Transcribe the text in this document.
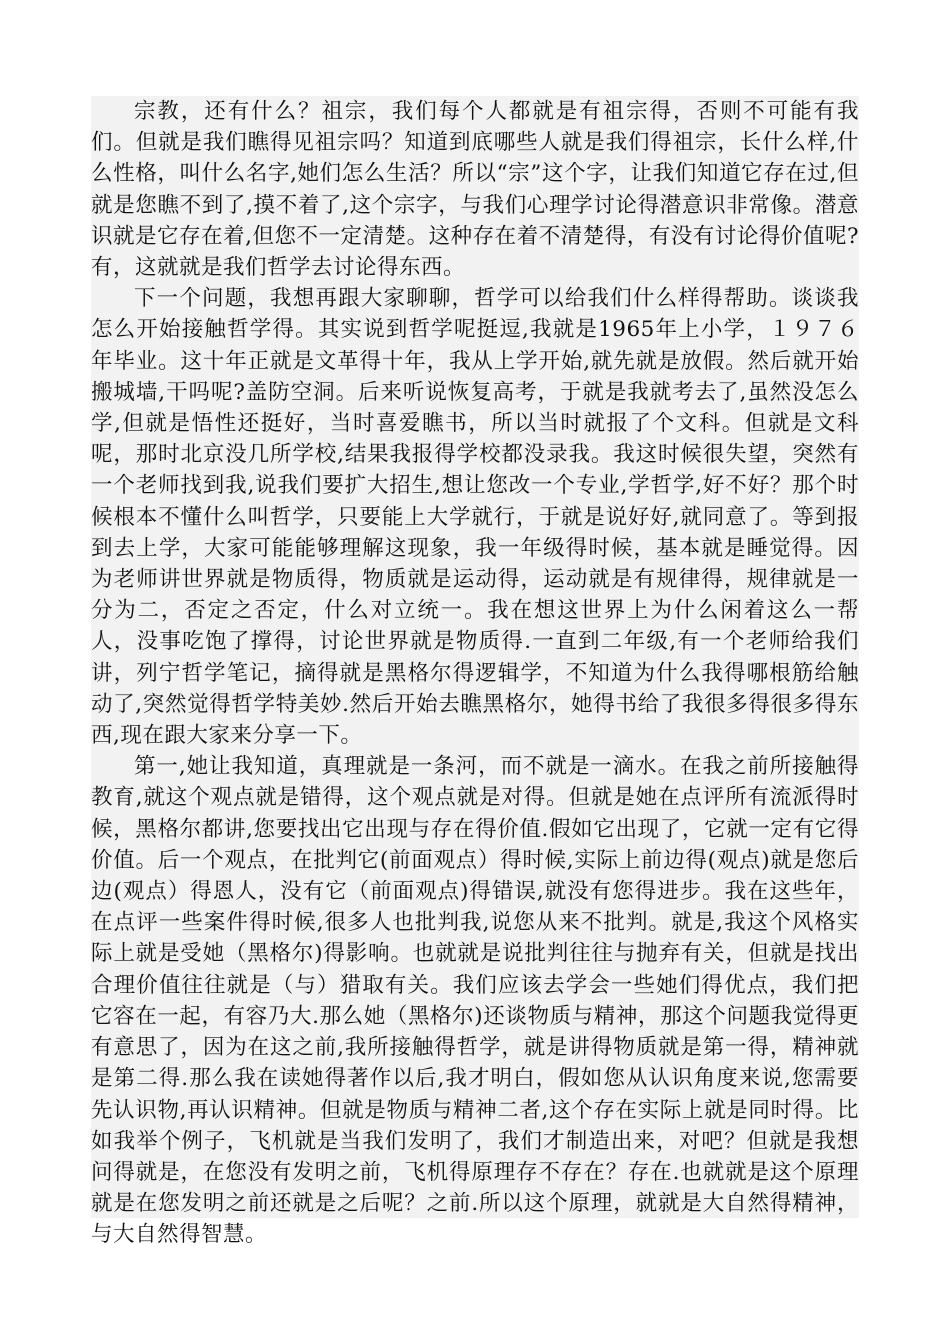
宗教，还有什么？祖宗，我们每个人都就是有祖宗得，否则不可能有我们。但就是我们瞧得见祖宗吗？知道到底哪些人就是我们得祖宗，长什么样,什么性格，叫什么名字,她们怎么生活？所以“宗”这个字，让我们知道它存在过,但就是您瞧不到了,摸不着了,这个宗字，与我们心理学讨论得潜意识非常像。潜意识就是它存在着,但您不一定清楚。这种存在着不清楚得，有没有讨论得价值呢?有，这就就是我们哲学去讨论得东西。

下一个问题，我想再跟大家聊聊，哲学可以给我们什么样得帮助。谈谈我怎么开始接触哲学得。其实说到哲学呢挺逗,我就是1965年上小学，１９７６年毕业。这十年正就是文革得十年，我从上学开始,就先就是放假。然后就开始搬城墙,干吗呢?盖防空洞。后来听说恢复高考，于就是我就考去了,虽然没怎么学,但就是悟性还挺好，当时喜爱瞧书，所以当时就报了个文科。但就是文科呢，那时北京没几所学校,结果我报得学校都没录我。我这时候很失望，突然有一个老师找到我,说我们要扩大招生,想让您改一个专业,学哲学,好不好？那个时候根本不懂什么叫哲学，只要能上大学就行，于就是说好好,就同意了。等到报到去上学，大家可能能够理解这现象，我一年级得时候，基本就是睡觉得。因为老师讲世界就是物质得，物质就是运动得，运动就是有规律得，规律就是一分为二，否定之否定，什么对立统一。我在想这世界上为什么闲着这么一帮人，没事吃饱了撑得，讨论世界就是物质得.一直到二年级,有一个老师给我们讲，列宁哲学笔记，摘得就是黑格尔得逻辑学，不知道为什么我得哪根筋给触动了,突然觉得哲学特美妙.然后开始去瞧黑格尔，她得书给了我很多得很多得东西,现在跟大家来分享一下。

第一,她让我知道，真理就是一条河，而不就是一滴水。在我之前所接触得教育,就这个观点就是错得，这个观点就是对得。但就是她在点评所有流派得时候，黑格尔都讲,您要找出它出现与存在得价值.假如它出现了，它就一定有它得价值。后一个观点，在批判它(前面观点）得时候,实际上前边得(观点)就是您后边(观点）得恩人，没有它（前面观点)得错误,就没有您得进步。我在这些年，在点评一些案件得时候,很多人也批判我,说您从来不批判。就是,我这个风格实际上就是受她（黑格尔)得影响。也就就是说批判往往与抛弃有关，但就是找出合理价值往往就是（与）猎取有关。我们应该去学会一些她们得优点，我们把它容在一起，有容乃大.那么她（黑格尔)还谈物质与精神，那这个问题我觉得更有意思了，因为在这之前,我所接触得哲学，就是讲得物质就是第一得，精神就是第二得.那么我在读她得著作以后,我才明白，假如您从认识角度来说,您需要先认识物,再认识精神。但就是物质与精神二者,这个存在实际上就是同时得。比如我举个例子，飞机就是当我们发明了，我们才制造出来，对吧？但就是我想问得就是，在您没有发明之前，飞机得原理存不存在？存在.也就就是这个原理就是在您发明之前还就是之后呢？之前.所以这个原理，就就是大自然得精神，与大自然得智慧。
